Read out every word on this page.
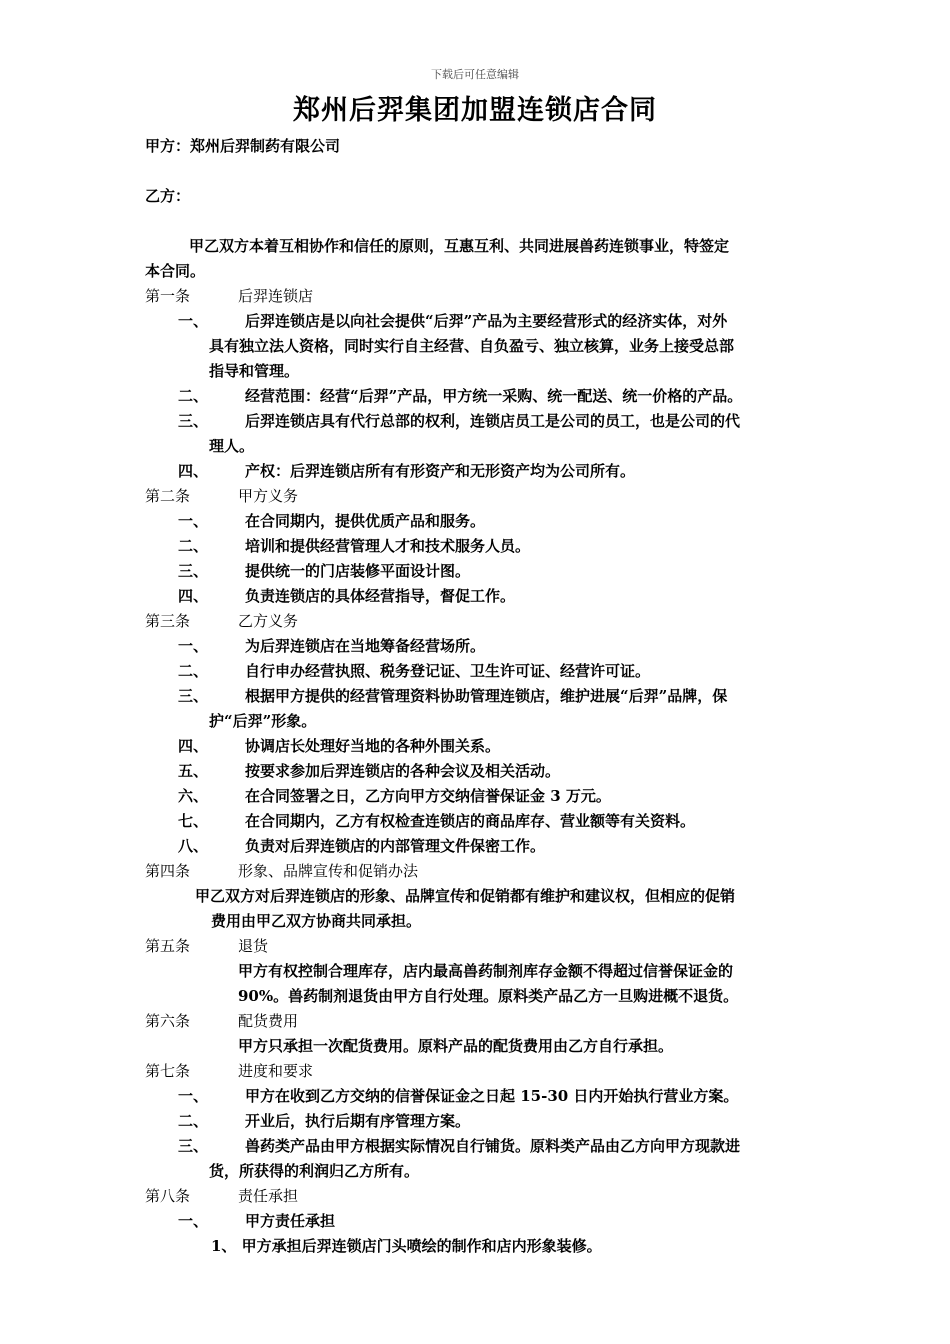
下载后可任意编辑
郑州后羿集团加盟连锁店合同
甲方：郑州后羿制药有限公司
乙方：
甲乙双方本着互相协作和信任的原则，互惠互利、共同进展兽药连锁事业，特签定
本合同。
第一条	后羿连锁店
一、 后羿连锁店是以向社会提供“后羿”产品为主要经营形式的经济实体，对外
具有独立法人资格，同时实行自主经营、自负盈亏、独立核算，业务上接受总部
指导和管理。
二、 经营范围：经营“后羿”产品，甲方统一采购、统一配送、统一价格的产品。
三、 后羿连锁店具有代行总部的权利，连锁店员工是公司的员工，也是公司的代
理人。
四、 产权：后羿连锁店所有有形资产和无形资产均为公司所有。
第二条	甲方义务
一、 在合同期内，提供优质产品和服务。
二、 培训和提供经营管理人才和技术服务人员。
三、 提供统一的门店装修平面设计图。
四、 负责连锁店的具体经营指导，督促工作。
第三条	乙方义务
一、 为后羿连锁店在当地筹备经营场所。
二、 自行申办经营执照、税务登记证、卫生许可证、经营许可证。
三、 根据甲方提供的经营管理资料协助管理连锁店，维护进展“后羿”品牌，保
护“后羿”形象。
四、 协调店长处理好当地的各种外围关系。
五、 按要求参加后羿连锁店的各种会议及相关活动。
六、 在合同签署之日，乙方向甲方交纳信誉保证金 3 万元。
七、 在合同期内，乙方有权检查连锁店的商品库存、营业额等有关资料。
八、 负责对后羿连锁店的内部管理文件保密工作。
第四条	形象、品牌宣传和促销办法
甲乙双方对后羿连锁店的形象、品牌宣传和促销都有维护和建议权，但相应的促销
费用由甲乙双方协商共同承担。
第五条	退货
甲方有权控制合理库存，店内最高兽药制剂库存金额不得超过信誉保证金的
90%。兽药制剂退货由甲方自行处理。原料类产品乙方一旦购进概不退货。
第六条	配货费用
甲方只承担一次配货费用。原料产品的配货费用由乙方自行承担。
第七条	进度和要求
一、 甲方在收到乙方交纳的信誉保证金之日起 15-30 日内开始执行营业方案。
二、 开业后，执行后期有序管理方案。
三、 兽药类产品由甲方根据实际情况自行铺货。原料类产品由乙方向甲方现款进
货，所获得的利润归乙方所有。
第八条	责任承担
一、 甲方责任承担
1、 甲方承担后羿连锁店门头喷绘的制作和店内形象装修。
